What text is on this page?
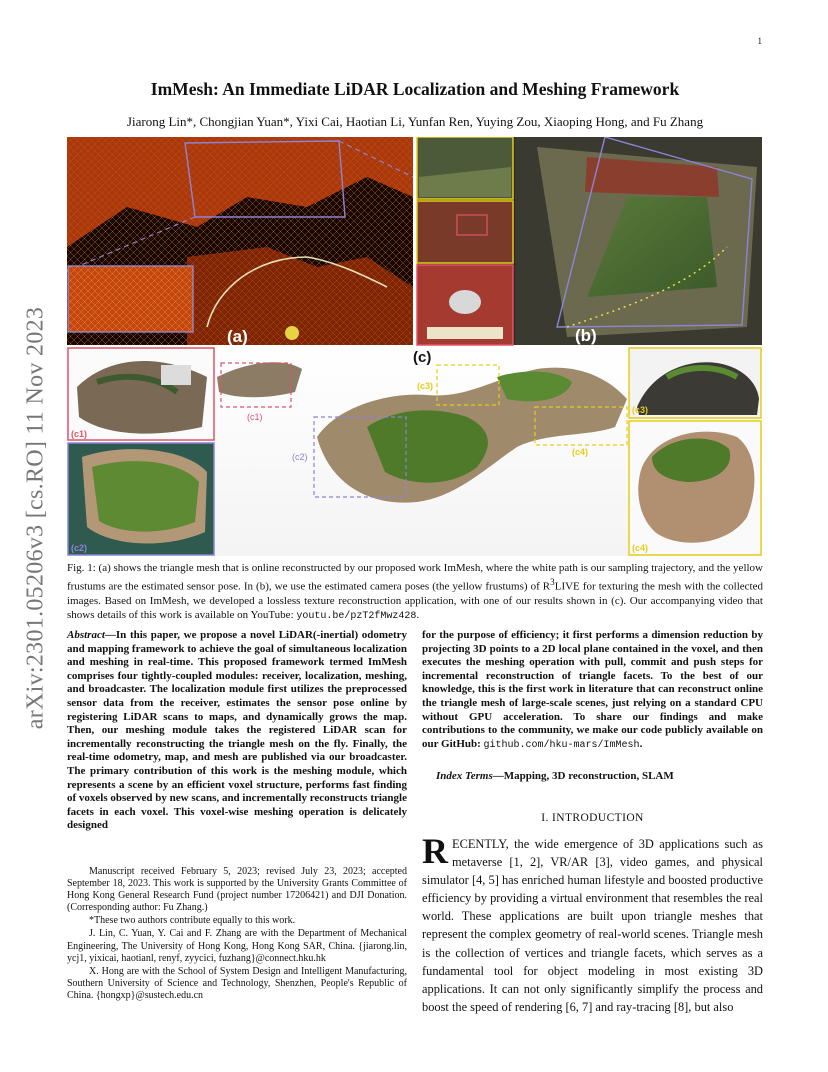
1
arXiv:2301.05206v3 [cs.RO] 11 Nov 2023
ImMesh: An Immediate LiDAR Localization and Meshing Framework
Jiarong Lin*, Chongjian Yuan*, Yixi Cai, Haotian Li, Yunfan Ren, Yuying Zou, Xiaoping Hong, and Fu Zhang
(a)	(b)
(c)
(c1)
(c2)
(c1)
(c2)
(c3)
(c4)
(c3)
(c4)
Fig. 1: (a) shows the triangle mesh that is online reconstructed by our proposed work ImMesh, where the white path is our sampling trajectory, and the yellow frustums are the estimated sensor pose. In (b), we use the estimated camera poses (the yellow frustums) of $R^3LIVE$ for texturing the mesh with the collected images. Based on ImMesh, we developed a lossless texture reconstruction application, with one of our results shown in (c). Our accompanying video that shows details of this work is available on YouTube: youtu.be/pzT2fMwz428.
Abstract—In this paper, we propose a novel LiDAR(-inertial) odometry and mapping framework to achieve the goal of simultaneous localization and meshing in real-time. This proposed framework termed ImMesh comprises four tightly-coupled modules: receiver, localization, meshing, and broadcaster. The localization module first utilizes the preprocessed sensor data from the receiver, estimates the sensor pose online by registering LiDAR scans to maps, and dynamically grows the map. Then, our meshing module takes the registered LiDAR scan for incrementally reconstructing the triangle mesh on the fly. Finally, the real-time odometry, map, and mesh are published via our broadcaster. The primary contribution of this work is the meshing module, which represents a scene by an efficient voxel structure, performs fast finding of voxels observed by new scans, and incrementally reconstructs triangle facets in each voxel. This voxel-wise meshing operation is delicately designed
for the purpose of efficiency; it first performs a dimension reduction by projecting 3D points to a 2D local plane contained in the voxel, and then executes the meshing operation with pull, commit and push steps for incremental reconstruction of triangle facets. To the best of our knowledge, this is the first work in literature that can reconstruct online the triangle mesh of large-scale scenes, just relying on a standard CPU without GPU acceleration. To share our findings and make contributions to the community, we make our code publicly available on our GitHub: github.com/hku-mars/ImMesh.
Index Terms—Mapping, 3D reconstruction, SLAM
I. INTRODUCTION
RECENTLY, the wide emergence of 3D applications such as metaverse [1, 2], VR/AR [3], video games, and physical simulator [4, 5] has enriched human lifestyle and boosted productive efficiency by providing a virtual environment that resembles the real world. These applications are built upon triangle meshes that represent the complex geometry of real-world scenes. Triangle mesh is the collection of vertices and triangle facets, which serves as a fundamental tool for object modeling in most existing 3D applications. It can not only significantly simplify the process and boost the speed of rendering [6, 7] and ray-tracing [8], but also

Manuscript received February 5, 2023; revised July 23, 2023; accepted September 18, 2023. This work is supported by the University Grants Committee of Hong Kong General Research Fund (project number 17206421) and DJI Donation. (Corresponding author: Fu Zhang.)

*These two authors contribute equally to this work.

J. Lin, C. Yuan, Y. Cai and F. Zhang are with the Department of Mechanical Engineering, The University of Hong Kong, Hong Kong SAR, China. {jiarong.lin, ycj1, yixicai, haotianl, renyf, zyycici, fuzhang}@connect.hku.hk

X. Hong are with the School of System Design and Intelligent Manufacturing, Southern University of Science and Technology, Shenzhen, People's Republic of China. {hongxp}@sustech.edu.cn
